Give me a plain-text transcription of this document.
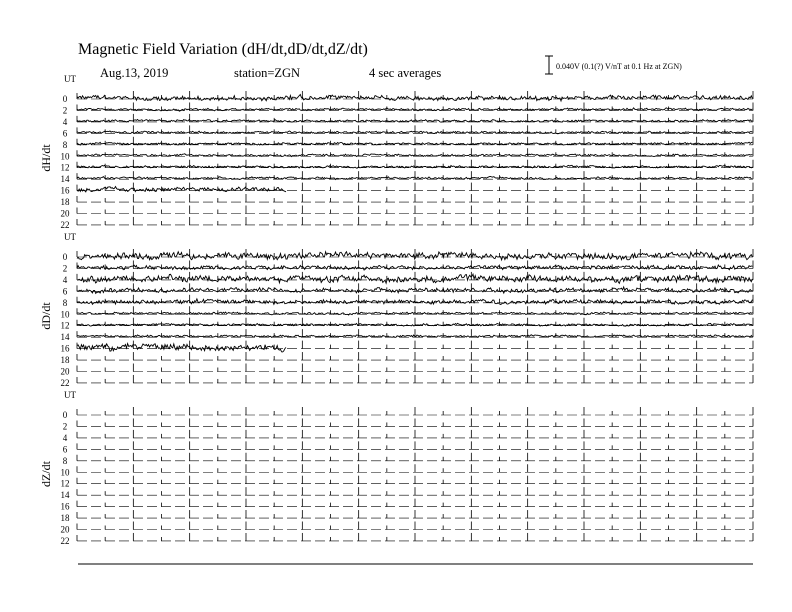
Magnetic Field Variation (dH/dt,dD/dt,dZ/dt)
Aug.13, 2019	station=ZGN	4 sec averages	0.040V (0.1(?) V/nT at 0.1 Hz at ZGN)
UT
dH/dt
0
2
4
6
8
10
12
14
16
18
20
22
UT
dD/dt
0
2
4
6
8
10
12
14
16
18
20
22
UT
dZ/dt
0
2
4
6
8
10
12
14
16
18
20
22
